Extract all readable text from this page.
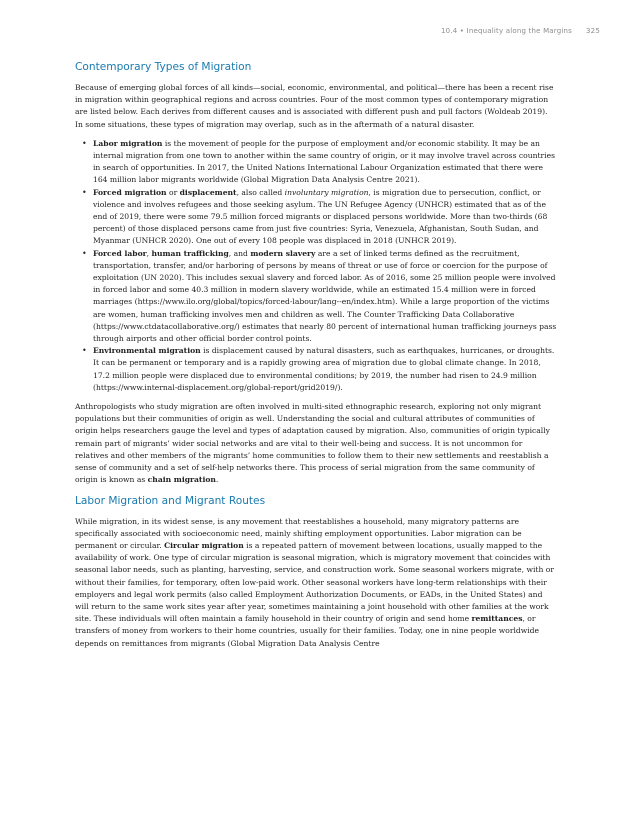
10.4 • Inequality along the Margins 325
Contemporary Types of Migration

Because of emerging global forces of all kinds—social, economic, environmental, and political—there has been a recent rise in migration within geographical regions and across countries. Four of the most common types of contemporary migration are listed below. Each derives from different causes and is associated with different push and pull factors (Woldeab 2019). In some situations, these types of migration may overlap, such as in the aftermath of a natural disaster.

• Labor migration is the movement of people for the purpose of employment and/or economic stability. It may be an internal migration from one town to another within the same country of origin, or it may involve travel across countries in search of opportunities. In 2017, the United Nations International Labour Organization estimated that there were 164 million labor migrants worldwide (Global Migration Data Analysis Centre 2021).
• Forced migration or displacement, also called involuntary migration, is migration due to persecution, conflict, or violence and involves refugees and those seeking asylum. The UN Refugee Agency (UNHCR) estimated that as of the end of 2019, there were some 79.5 million forced migrants or displaced persons worldwide. More than two-thirds (68 percent) of those displaced persons came from just five countries: Syria, Venezuela, Afghanistan, South Sudan, and Myanmar (UNHCR 2020). One out of every 108 people was displaced in 2018 (UNHCR 2019).
• Forced labor, human trafficking, and modern slavery are a set of linked terms defined as the recruitment, transportation, transfer, and/or harboring of persons by means of threat or use of force or coercion for the purpose of exploitation (UN 2020). This includes sexual slavery and forced labor. As of 2016, some 25 million people were involved in forced labor and some 40.3 million in modern slavery worldwide, while an estimated 15.4 million were in forced marriages (https://www.ilo.org/global/topics/forced-labour/lang--en/index.htm). While a large proportion of the victims are women, human trafficking involves men and children as well. The Counter Trafficking Data Collaborative (https://www.ctdatacollaborative.org/) estimates that nearly 80 percent of international human trafficking journeys pass through airports and other official border control points.
• Environmental migration is displacement caused by natural disasters, such as earthquakes, hurricanes, or droughts. It can be permanent or temporary and is a rapidly growing area of migration due to global climate change. In 2018, 17.2 million people were displaced due to environmental conditions; by 2019, the number had risen to 24.9 million (https://www.internal-displacement.org/global-report/grid2019/).

Anthropologists who study migration are often involved in multi-sited ethnographic research, exploring not only migrant populations but their communities of origin as well. Understanding the social and cultural attributes of communities of origin helps researchers gauge the level and types of adaptation caused by migration. Also, communities of origin typically remain part of migrants’ wider social networks and are vital to their well-being and success. It is not uncommon for relatives and other members of the migrants’ home communities to follow them to their new settlements and reestablish a sense of community and a set of self-help networks there. This process of serial migration from the same community of origin is known as chain migration.

Labor Migration and Migrant Routes

While migration, in its widest sense, is any movement that reestablishes a household, many migratory patterns are specifically associated with socioeconomic need, mainly shifting employment opportunities. Labor migration can be permanent or circular. Circular migration is a repeated pattern of movement between locations, usually mapped to the availability of work. One type of circular migration is seasonal migration, which is migratory movement that coincides with seasonal labor needs, such as planting, harvesting, service, and construction work. Some seasonal workers migrate, with or without their families, for temporary, often low-paid work. Other seasonal workers have long-term relationships with their employers and legal work permits (also called Employment Authorization Documents, or EADs, in the United States) and will return to the same work sites year after year, sometimes maintaining a joint household with other families at the work site. These individuals will often maintain a family household in their country of origin and send home remittances, or transfers of money from workers to their home countries, usually for their families. Today, one in nine people worldwide depends on remittances from migrants (Global Migration Data Analysis Centre
